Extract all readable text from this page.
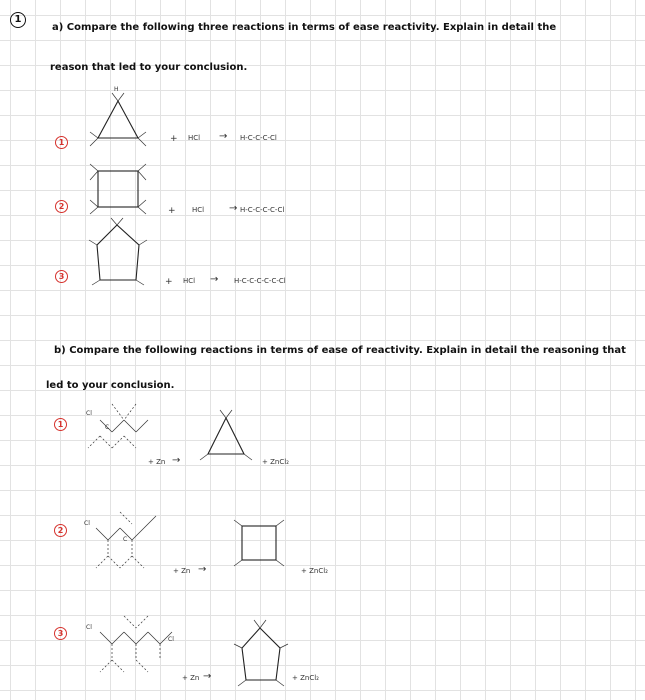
1
a) Compare the following three reactions in terms of ease reactivity. Explain in detail the
reason that led to your conclusion.
1
2
3
+ HCl → H-C-C-C-Cl
+ HCl → H-C-C-C-C-Cl
+ HCl → H-C-C-C-C-C-Cl
b) Compare the following reactions in terms of ease of reactivity. Explain in detail the reasoning that
led to your conclusion.
1
2
3
+ Zn →	+ ZnCl₂
+ Zn →	+ ZnCl₂
+ Zn →	+ ZnCl₂
H
C
Cl
C
Cl
Cl
Cl
